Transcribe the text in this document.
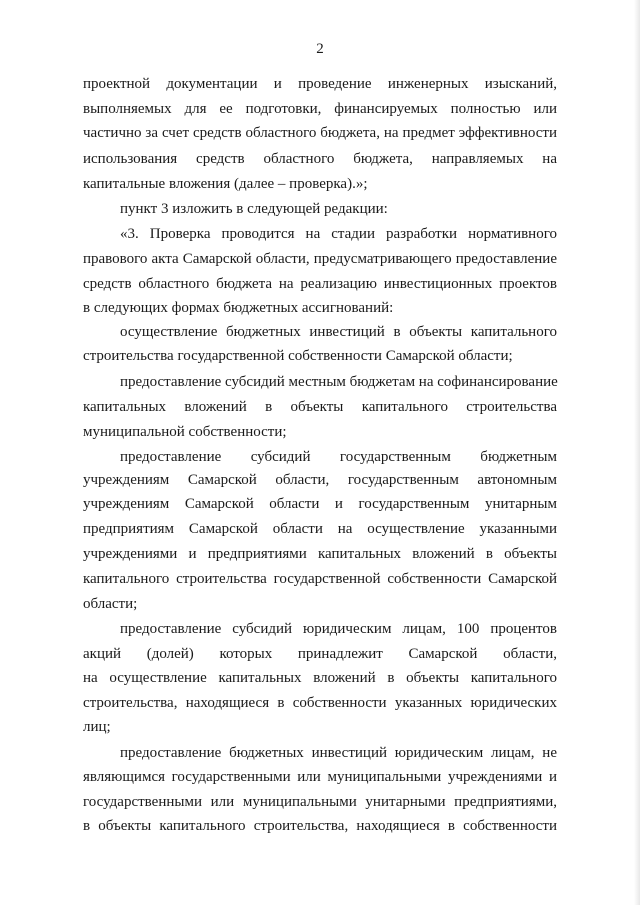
2
проектной документации и проведение инженерных изысканий,
выполняемых для ее подготовки, финансируемых полностью или
частично за счет средств областного бюджета, на предмет эффективности
использования средств областного бюджета, направляемых на
капитальные вложения (далее – проверка).»;
пункт 3 изложить в следующей редакции:
«3. Проверка проводится на стадии разработки нормативного
правового акта Самарской области, предусматривающего предоставление
средств областного бюджета на реализацию инвестиционных проектов
в следующих формах бюджетных ассигнований:
осуществление бюджетных инвестиций в объекты капитального
строительства государственной собственности Самарской области;
предоставление субсидий местным бюджетам на софинансирование
капитальных вложений в объекты капитального строительства
муниципальной собственности;
предоставление субсидий государственным бюджетным
учреждениям Самарской области, государственным автономным
учреждениям Самарской области и государственным унитарным
предприятиям Самарской области на осуществление указанными
учреждениями и предприятиями капитальных вложений в объекты
капитального строительства государственной собственности Самарской
области;
предоставление субсидий юридическим лицам, 100 процентов
акций (долей) которых принадлежит Самарской области,
на осуществление капитальных вложений в объекты капитального
строительства, находящиеся в собственности указанных юридических
лиц;
предоставление бюджетных инвестиций юридическим лицам, не
являющимся государственными или муниципальными учреждениями и
государственными или муниципальными унитарными предприятиями,
в объекты капитального строительства, находящиеся в собственности
